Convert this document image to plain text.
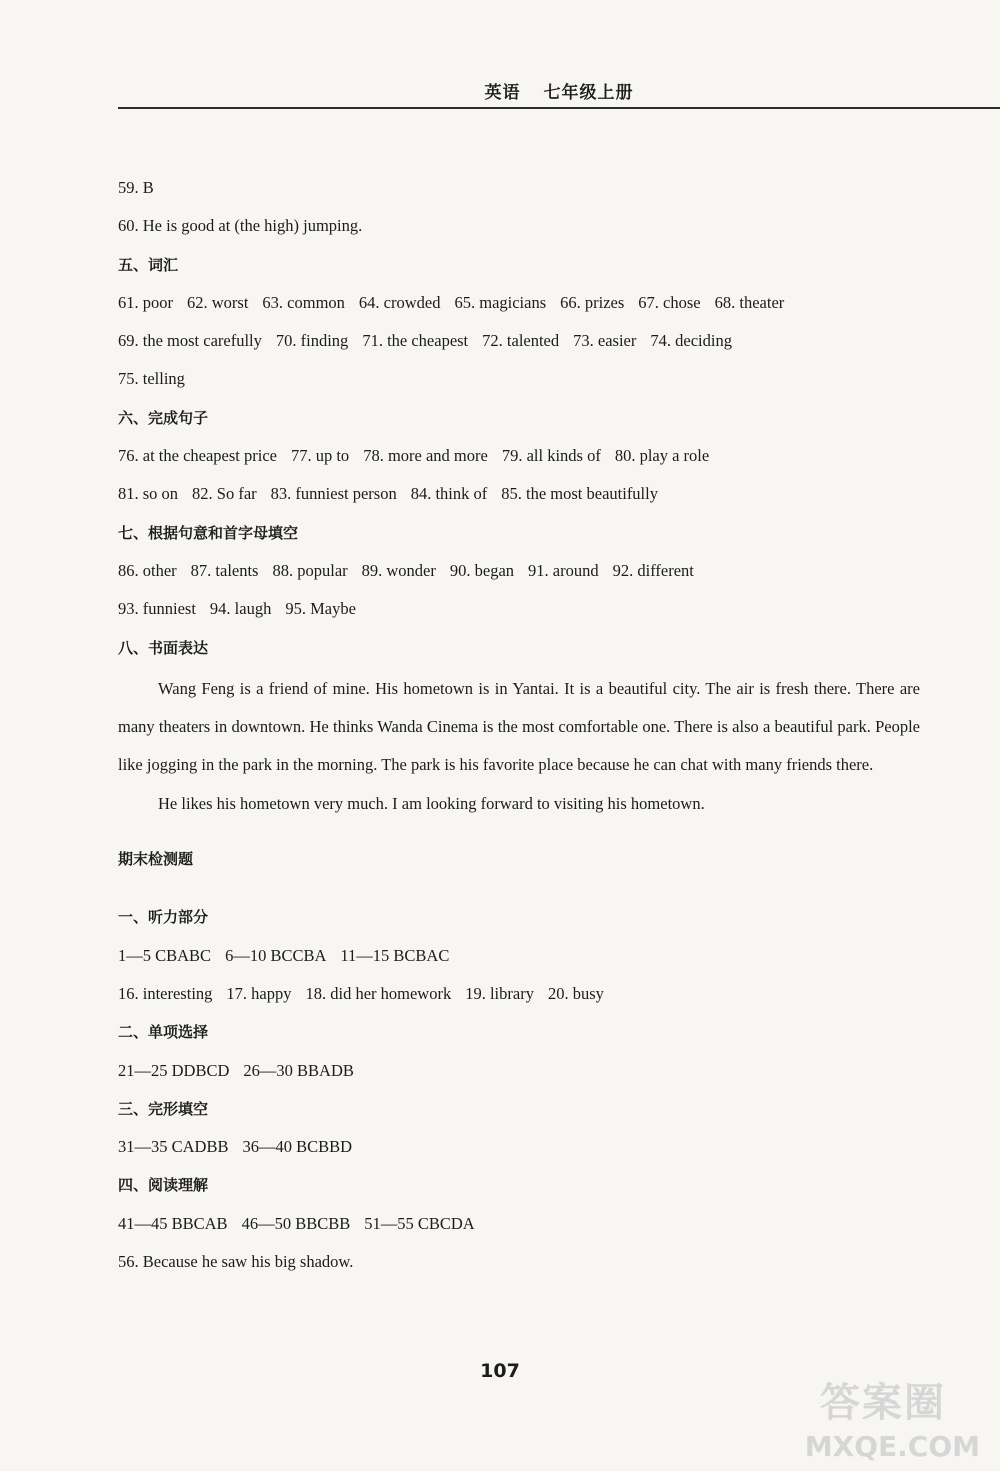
英语 七年级上册
59. B
60. He is good at (the high) jumping.
五、词汇
61. poor 62. worst 63. common 64. crowded 65. magicians 66. prizes 67. chose 68. theater
69. the most carefully 70. finding 71. the cheapest 72. talented 73. easier 74. deciding
75. telling
六、完成句子
76. at the cheapest price 77. up to 78. more and more 79. all kinds of 80. play a role
81. so on 82. So far 83. funniest person 84. think of 85. the most beautifully
七、根据句意和首字母填空
86. other 87. talents 88. popular 89. wonder 90. began 91. around 92. different
93. funniest 94. laugh 95. Maybe
八、书面表达

Wang Feng is a friend of mine. His hometown is in Yantai. It is a beautiful city. The air is fresh there. There are many theaters in downtown. He thinks Wanda Cinema is the most comfortable one. There is also a beautiful park. People like jogging in the park in the morning. The park is his favorite place because he can chat with many friends there.

He likes his hometown very much. I am looking forward to visiting his hometown.

期末检测题
一、听力部分
1—5 CBABC 6—10 BCCBA 11—15 BCBAC
16. interesting 17. happy 18. did her homework 19. library 20. busy
二、单项选择
21—25 DDBCD 26—30 BBADB
三、完形填空
31—35 CADBB 36—40 BCBBD
四、阅读理解
41—45 BBCAB 46—50 BBCBB 51—55 CBCDA
56. Because he saw his big shadow.
107
答案圈
MXQE.COM
